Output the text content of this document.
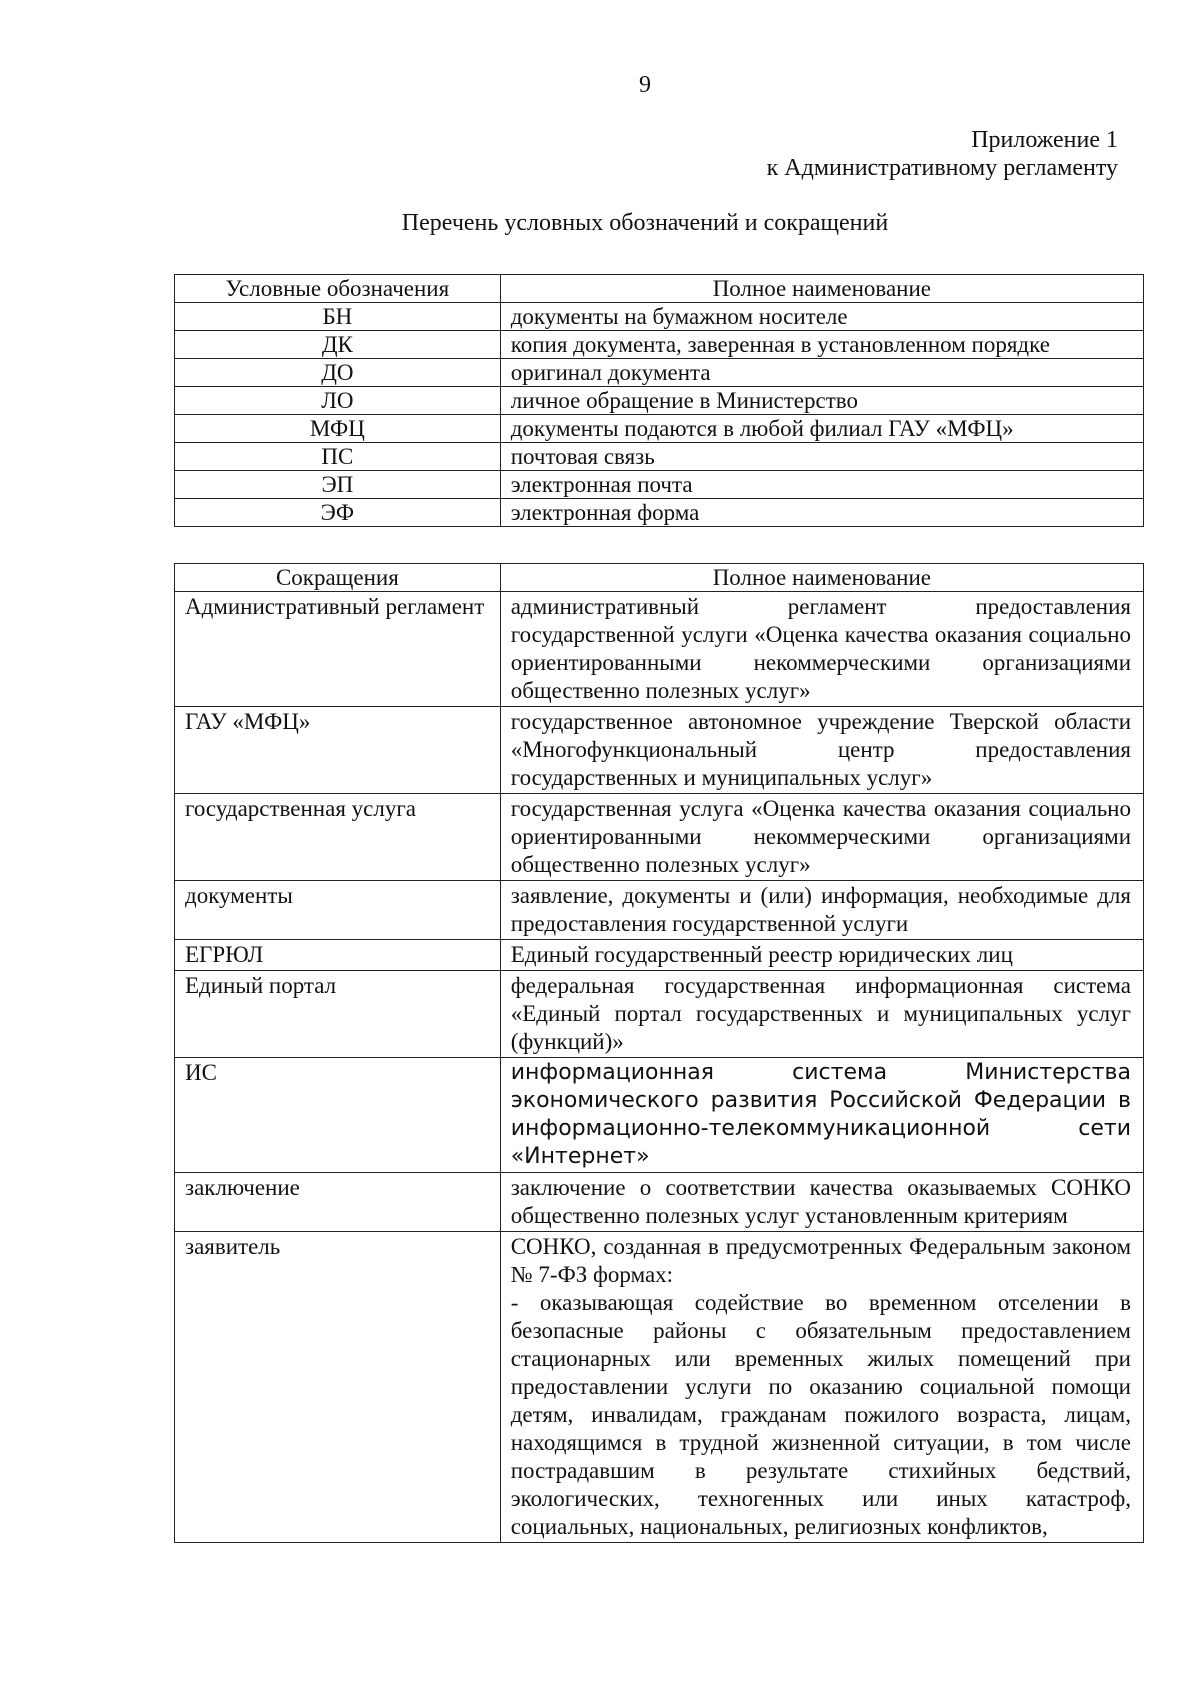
9
Приложение 1
к Административному регламенту
Перечень условных обозначений и сокращений
Условные обозначения	Полное наименование
БН	документы на бумажном носителе
ДК	копия документа, заверенная в установленном порядке
ДО	оригинал документа
ЛО	личное обращение в Министерство
МФЦ	документы подаются в любой филиал ГАУ «МФЦ»
ПС	почтовая связь
ЭП	электронная почта
ЭФ	электронная форма
Сокращения	Полное наименование
Административный регламент	административный регламент предоставления государственной услуги «Оценка качества оказания социально ориентированными некоммерческими организациями общественно полезных услуг»
ГАУ «МФЦ»	государственное автономное учреждение Тверской области «Многофункциональный центр предоставления государственных и муниципальных услуг»
государственная услуга	государственная услуга «Оценка качества оказания социально ориентированными некоммерческими организациями общественно полезных услуг»
документы	заявление, документы и (или) информация, необходимые для предоставления государственной услуги
ЕГРЮЛ	Единый государственный реестр юридических лиц
Единый портал	федеральная государственная информационная система «Единый портал государственных и муниципальных услуг (функций)»
ИС	информационная система Министерства экономического развития Российской Федерации в информационно-телекоммуникационной сети «Интернет»
заключение	заключение о соответствии качества оказываемых СОНКО общественно полезных услуг установленным критериям
заявитель	СОНКО, созданная в предусмотренных Федеральным законом № 7-ФЗ формах:
- оказывающая содействие во временном отселении в безопасные районы с обязательным предоставлением стационарных или временных жилых помещений при предоставлении услуги по оказанию социальной помощи детям, инвалидам, гражданам пожилого возраста, лицам, находящимся в трудной жизненной ситуации, в том числе пострадавшим в результате стихийных бедствий, экологических, техногенных или иных катастроф, социальных, национальных, религиозных конфликтов,
